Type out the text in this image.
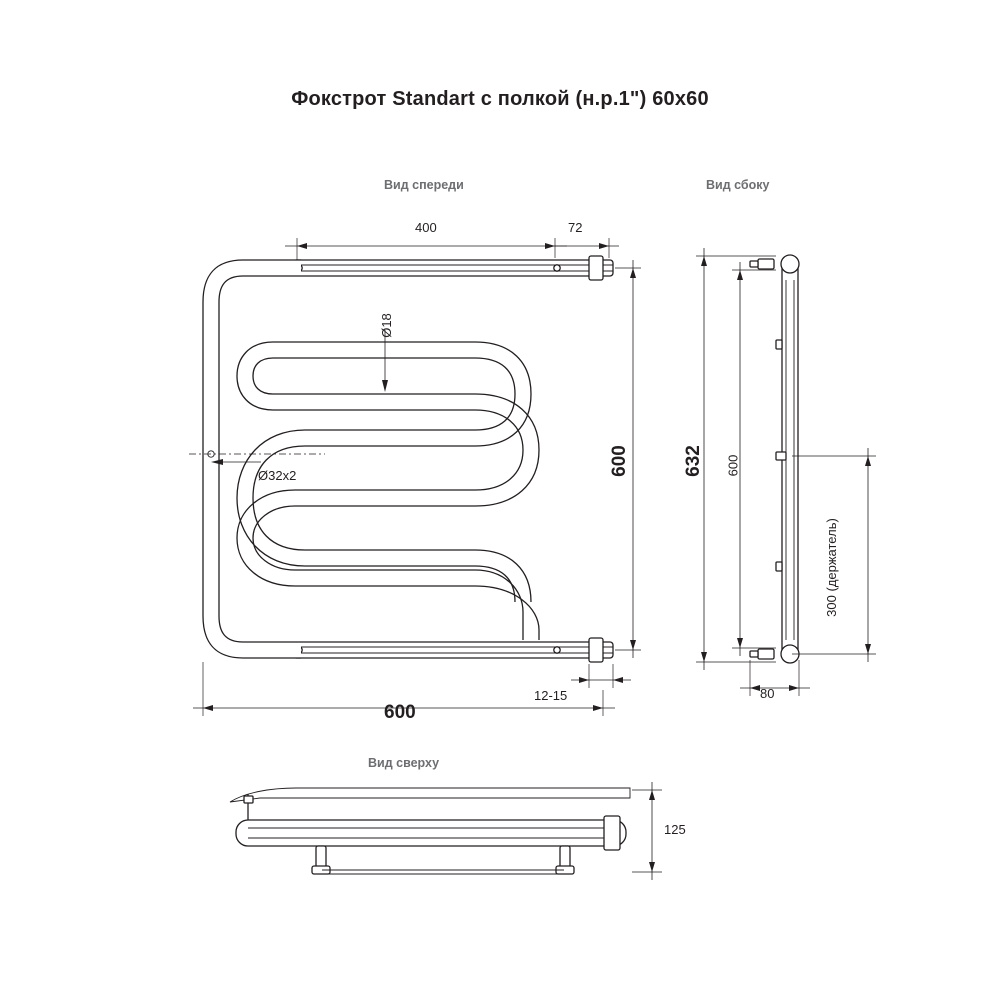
Фокстрот Standart с полкой (н.р.1") 60x60
Вид спереди	Вид сбоку
Вид сверху
400	72
Ø18
Ø32x2	600
12-15
600
632 600
300 (держатель)
80
125
